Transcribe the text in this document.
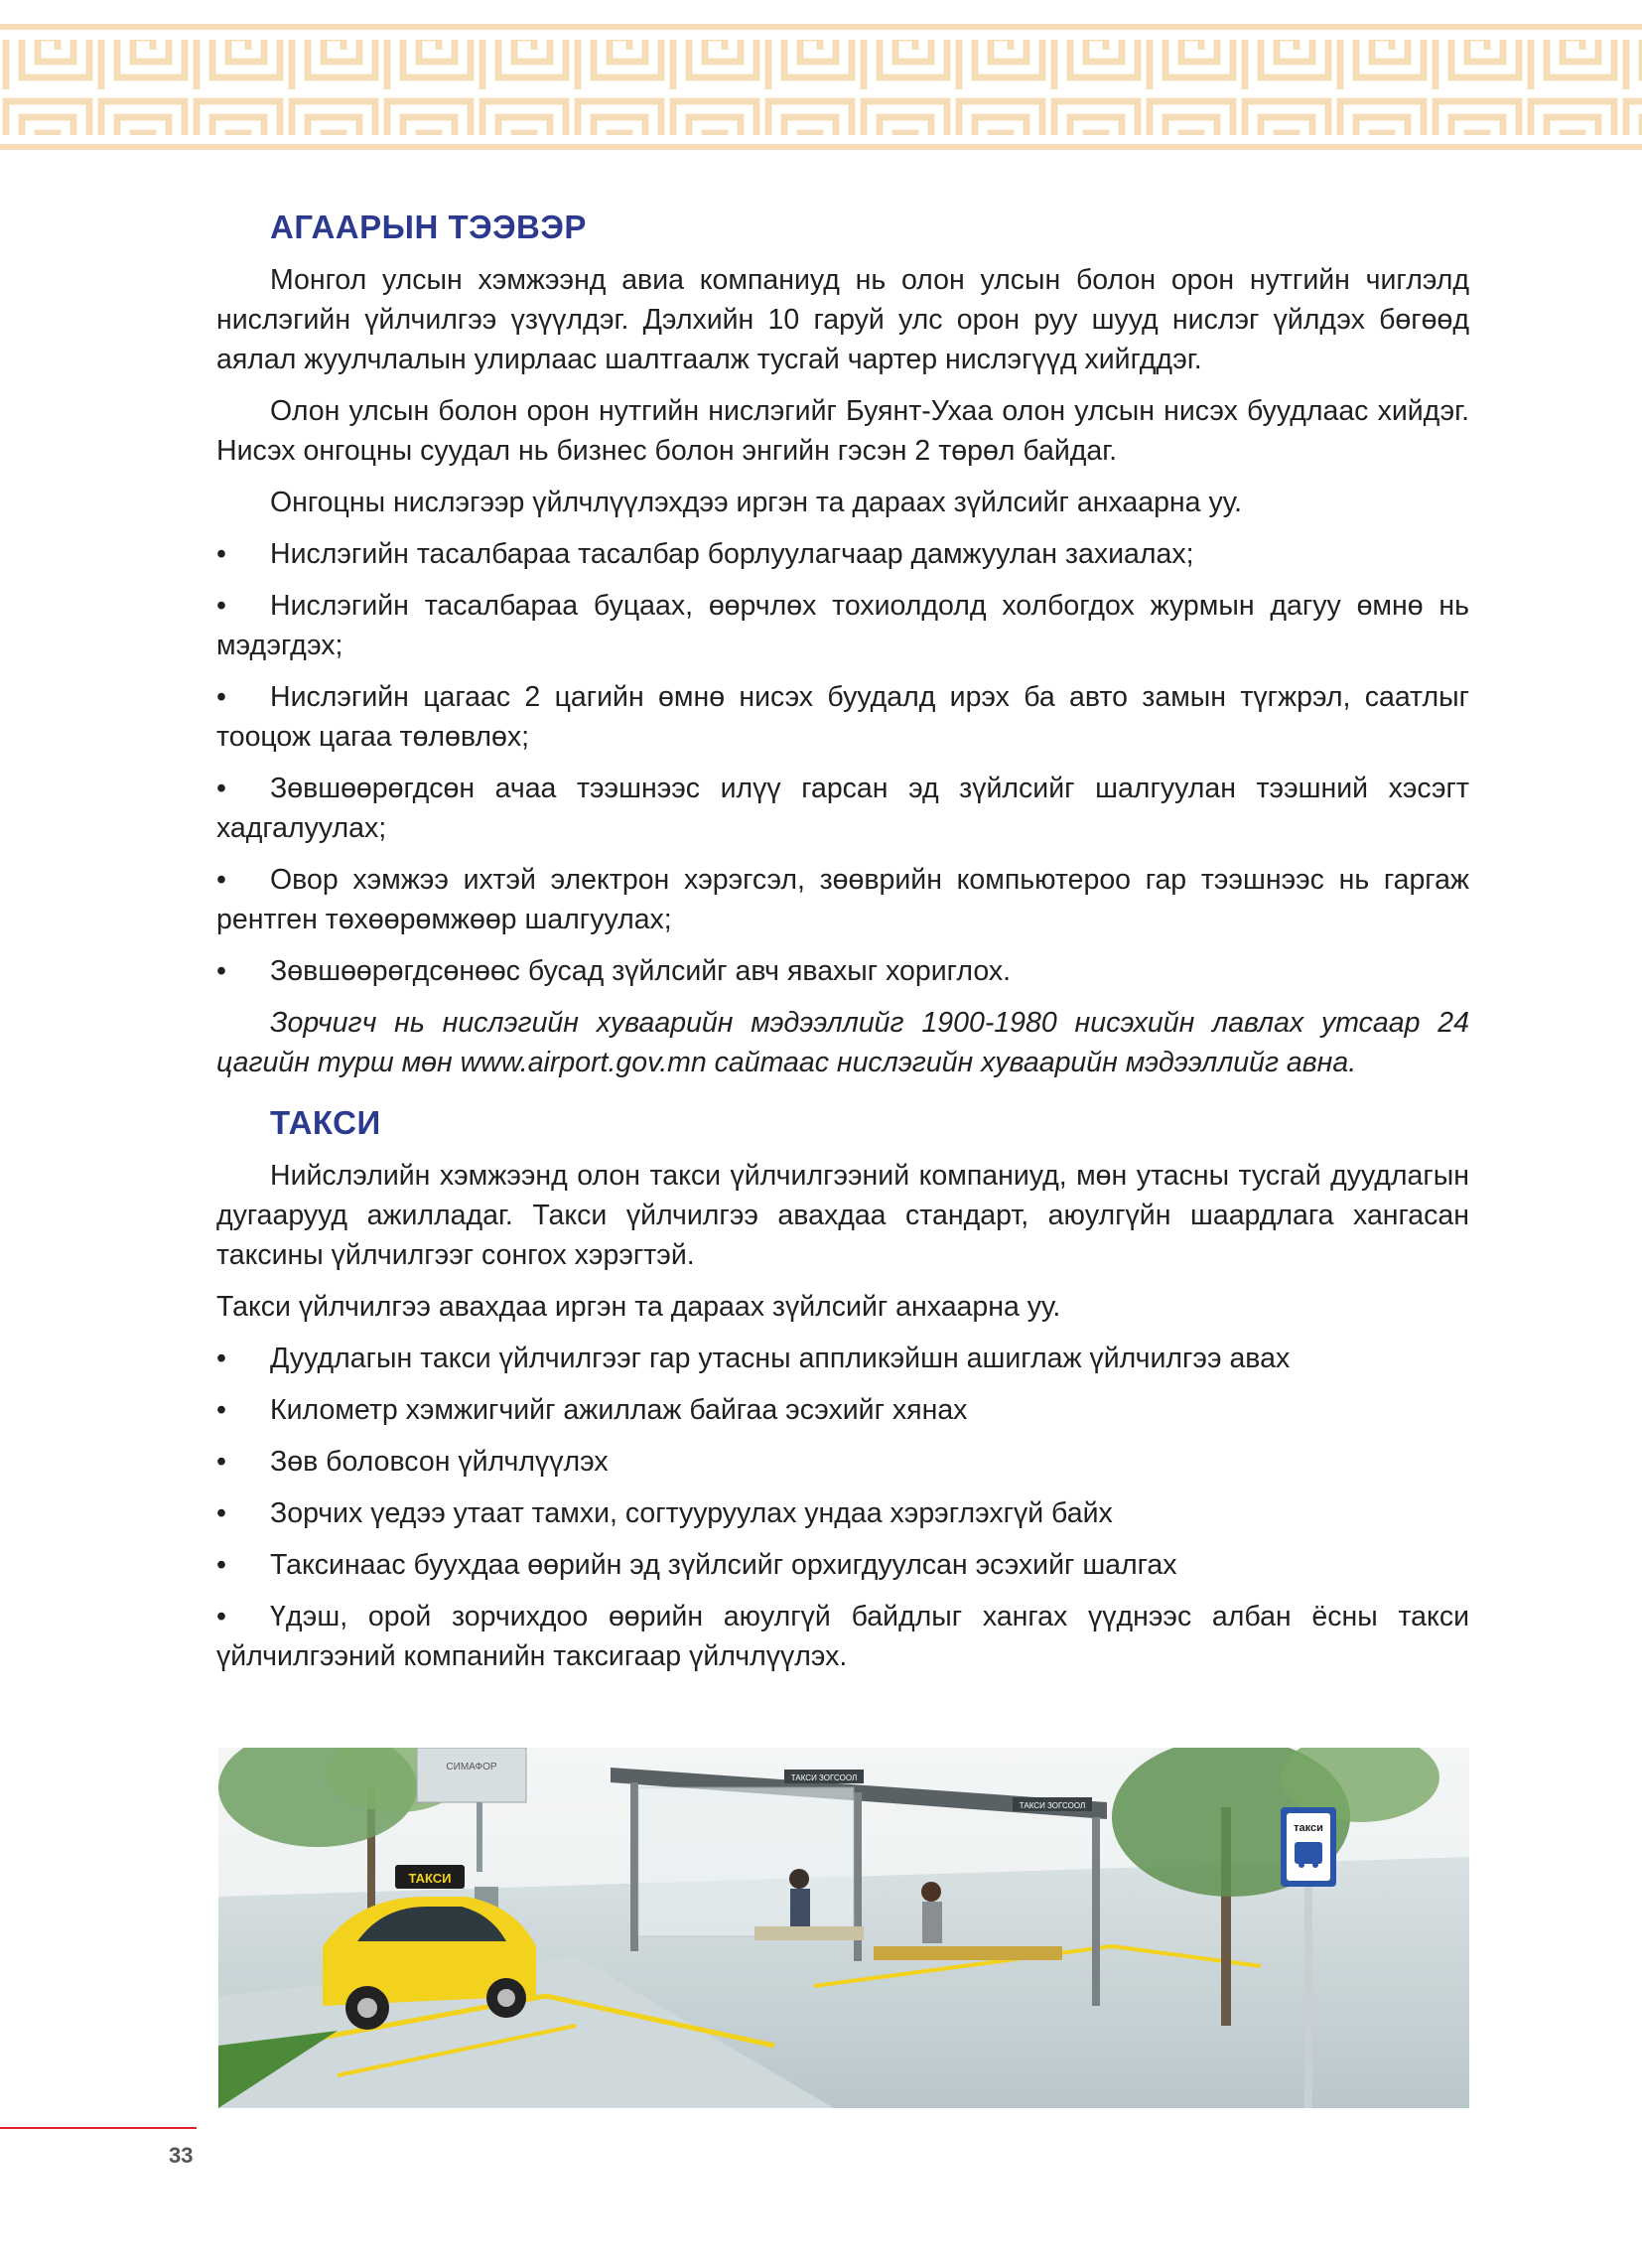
АГААРЫН ТЭЭВЭР

Монгол улсын хэмжээнд авиа компаниуд нь олон улсын болон орон нутгийн чиглэлд нислэгийн үйлчилгээ үзүүлдэг. Дэлхийн 10 гаруй улс орон руу шууд нислэг үйлдэх бөгөөд аялал жуулчлалын улирлаас шалтгаалж тусгай чартер нислэгүүд хийгддэг.

Олон улсын болон орон нутгийн нислэгийг Буянт-Ухаа олон улсын нисэх буудлаас хийдэг. Нисэх онгоцны суудал нь бизнес болон энгийн гэсэн 2 төрөл байдаг.

Онгоцны нислэгээр үйлчлүүлэхдээ иргэн та дараах зүйлсийг анхаарна уу.

• Нислэгийн тасалбараа тасалбар борлуулагчаар дамжуулан захиалах;
• Нислэгийн тасалбараа буцаах, өөрчлөх тохиолдолд холбогдох журмын дагуу өмнө нь мэдэгдэх;
• Нислэгийн цагаас 2 цагийн өмнө нисэх буудалд ирэх ба авто замын түгжрэл, саатлыг тооцож цагаа төлөвлөх;
• Зөвшөөрөгдсөн ачаа тээшнээс илүү гарсан эд зүйлсийг шалгуулан тээшний хэсэгт хадгалуулах;
• Овор хэмжээ ихтэй электрон хэрэгсэл, зөөврийн компьютероо гар тээшнээс нь гаргаж рентген төхөөрөмжөөр шалгуулах;
• Зөвшөөрөгдсөнөөс бусад зүйлсийг авч явахыг хориглох.

Зорчигч нь нислэгийн хуваарийн мэдээллийг 1900-1980 нисэхийн лавлах утсаар 24 цагийн турш мөн www.airport.gov.mn сайтаас нислэгийн хуваарийн мэдээллийг авна.

ТАКСИ

Нийслэлийн хэмжээнд олон такси үйлчилгээний компаниуд, мөн утасны тусгай дуудлагын дугаарууд ажилладаг. Такси үйлчилгээ авахдаа стандарт, аюулгүйн шаардлага хангасан таксины үйлчилгээг сонгох хэрэгтэй.

Такси үйлчилгээ авахдаа иргэн та дараах зүйлсийг анхаарна уу.

• Дуудлагын такси үйлчилгээг гар утасны аппликэйшн ашиглаж үйлчилгээ авах
• Километр хэмжигчийг ажиллаж байгаа эсэхийг хянах
• Зөв боловсон үйлчлүүлэх
• Зорчих үедээ утаат тамхи, согтууруулах ундаа хэрэглэхгүй байх
• Таксинаас буухдаа өөрийн эд зүйлсийг орхигдуулсан эсэхийг шалгах
• Үдэш, орой зорчихдоо өөрийн аюулгүй байдлыг хангах үүднээс албан ёсны такси үйлчилгээний компанийн таксигаар үйлчлүүлэх.
СИМАФОР
ТАКСИ
ТАКСИ ЗОГСООЛ
ТАКСИ ЗОГСООЛ
такси
33
